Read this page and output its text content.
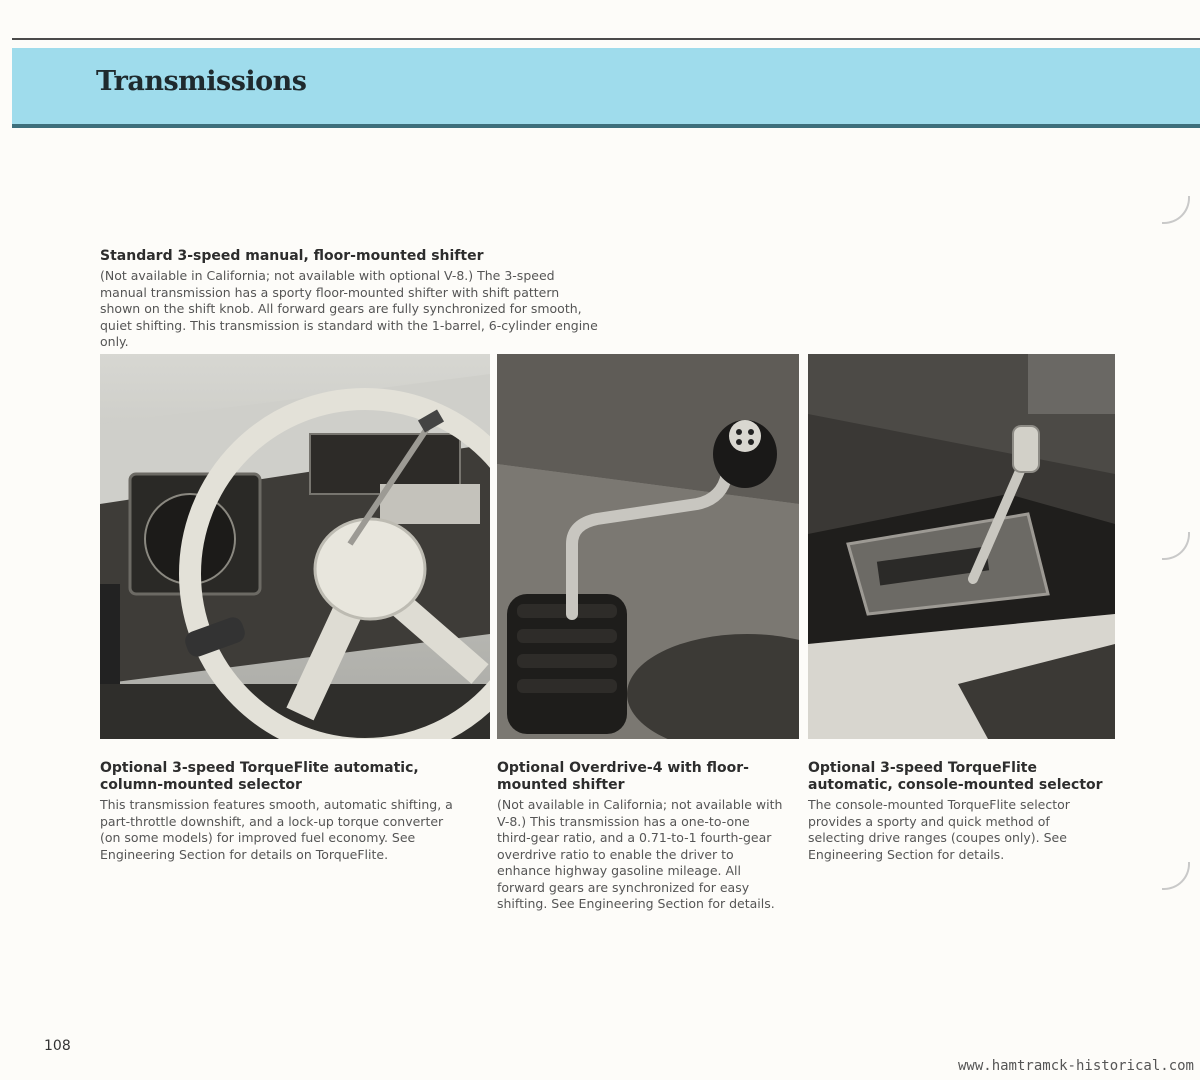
Transmissions
Standard 3-speed manual, floor-mounted shifter
(Not available in California; not available with optional V-8.) The 3-speed manual transmission has a sporty floor-mounted shifter with shift pattern shown on the shift knob. All forward gears are fully synchronized for smooth, quiet shifting. This transmission is standard with the 1-barrel, 6-cylinder engine only.
Optional 3-speed TorqueFlite automatic, column-mounted selector
This transmission features smooth, automatic shifting, a part-throttle downshift, and a lock-up torque converter (on some models) for improved fuel economy. See Engineering Section for details on TorqueFlite.
Optional Overdrive-4 with floor-mounted shifter
(Not available in California; not available with V-8.) This transmission has a one-to-one third-gear ratio, and a 0.71-to-1 fourth-gear overdrive ratio to enable the driver to enhance highway gasoline mileage. All forward gears are synchronized for easy shifting. See Engineering Section for details.
Optional 3-speed TorqueFlite automatic, console-mounted selector
The console-mounted TorqueFlite selector provides a sporty and quick method of selecting drive ranges (coupes only). See Engineering Section for details.
108
www.hamtramck-historical.com
